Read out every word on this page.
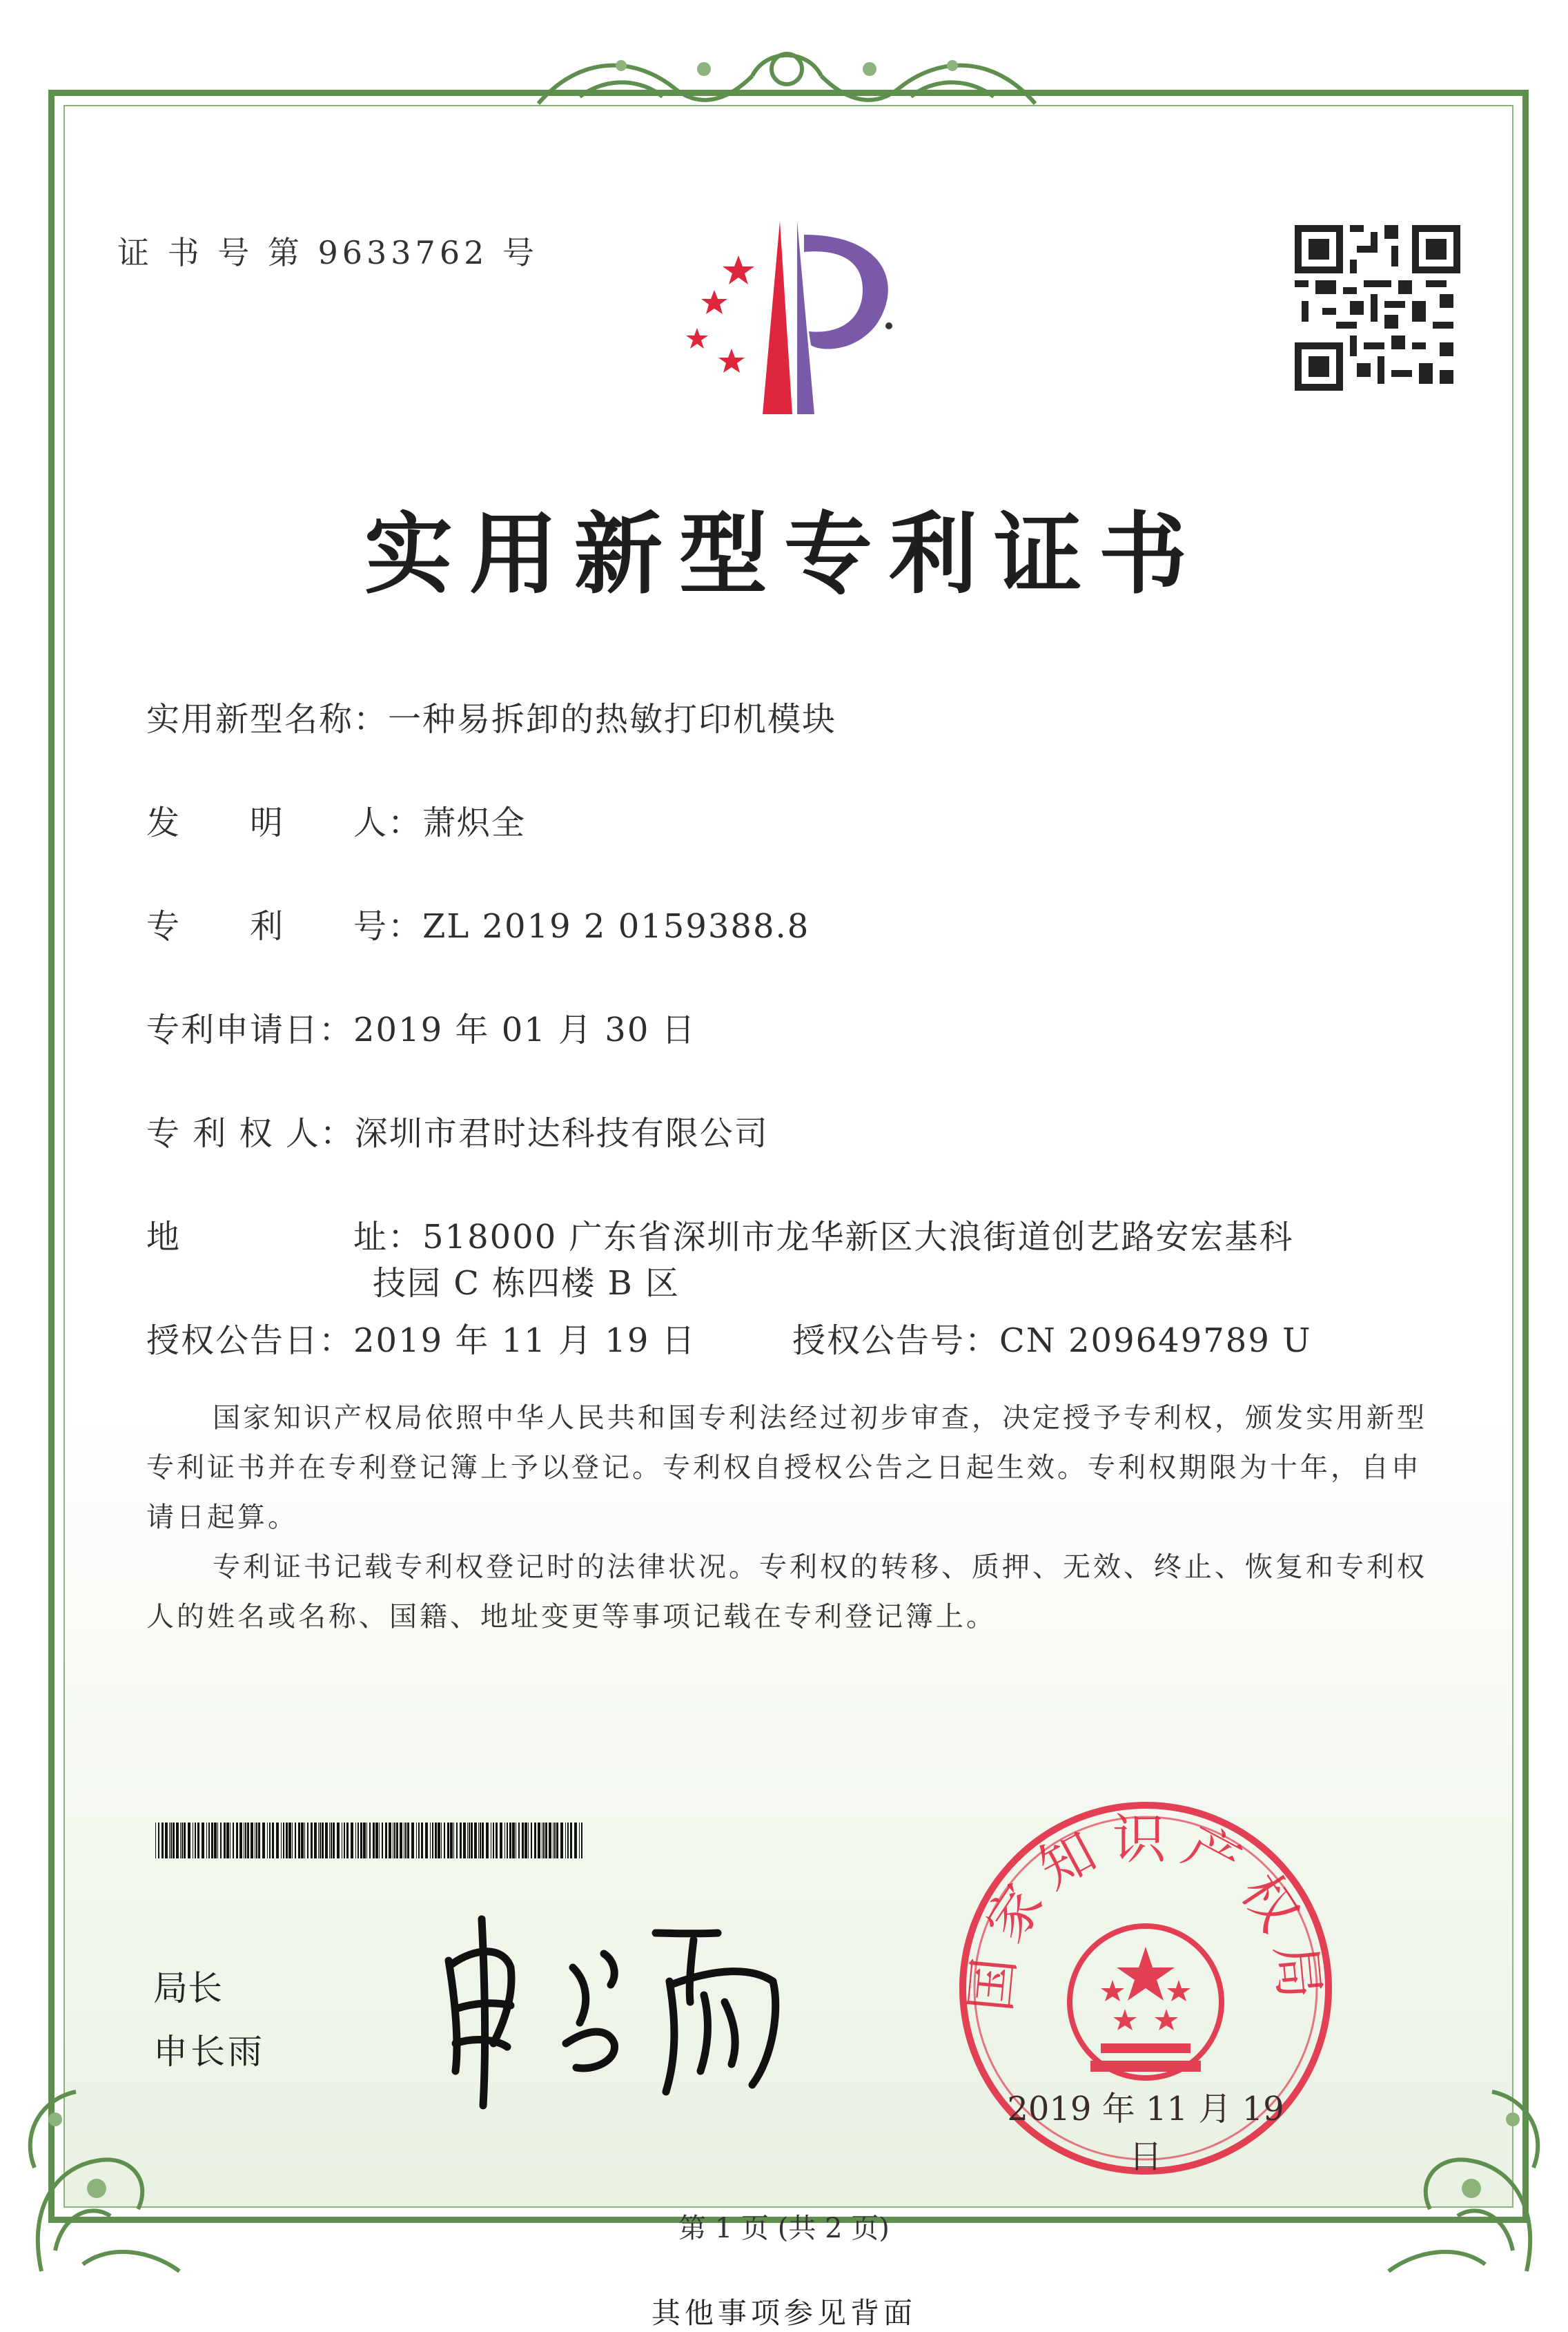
证 书 号 第 9633762 号
实用新型专利证书
实用新型名称：一种易拆卸的热敏打印机模块
发　　明　　人：萧炽全
专　　利　　号：ZL 2019 2 0159388.8
专利申请日：2019 年 01 月 30 日
专 利 权 人：深圳市君时达科技有限公司
地　　　　　址：518000 广东省深圳市龙华新区大浪街道创艺路安宏基科
技园 C 栋四楼 B 区
授权公告日：2019 年 11 月 19 日	授权公告号：CN 209649789 U
国家知识产权局依照中华人民共和国专利法经过初步审查，决定授予专利权，颁发实用新型专利证书并在专利登记簿上予以登记。专利权自授权公告之日起生效。专利权期限为十年，自申请日起算。
专利证书记载专利权登记时的法律状况。专利权的转移、质押、无效、终止、恢复和专利权人的姓名或名称、国籍、地址变更等事项记载在专利登记簿上。
局长
申长雨
国家知识产权局
2019 年 11 月 19 日
第 1 页 (共 2 页)
其他事项参见背面
